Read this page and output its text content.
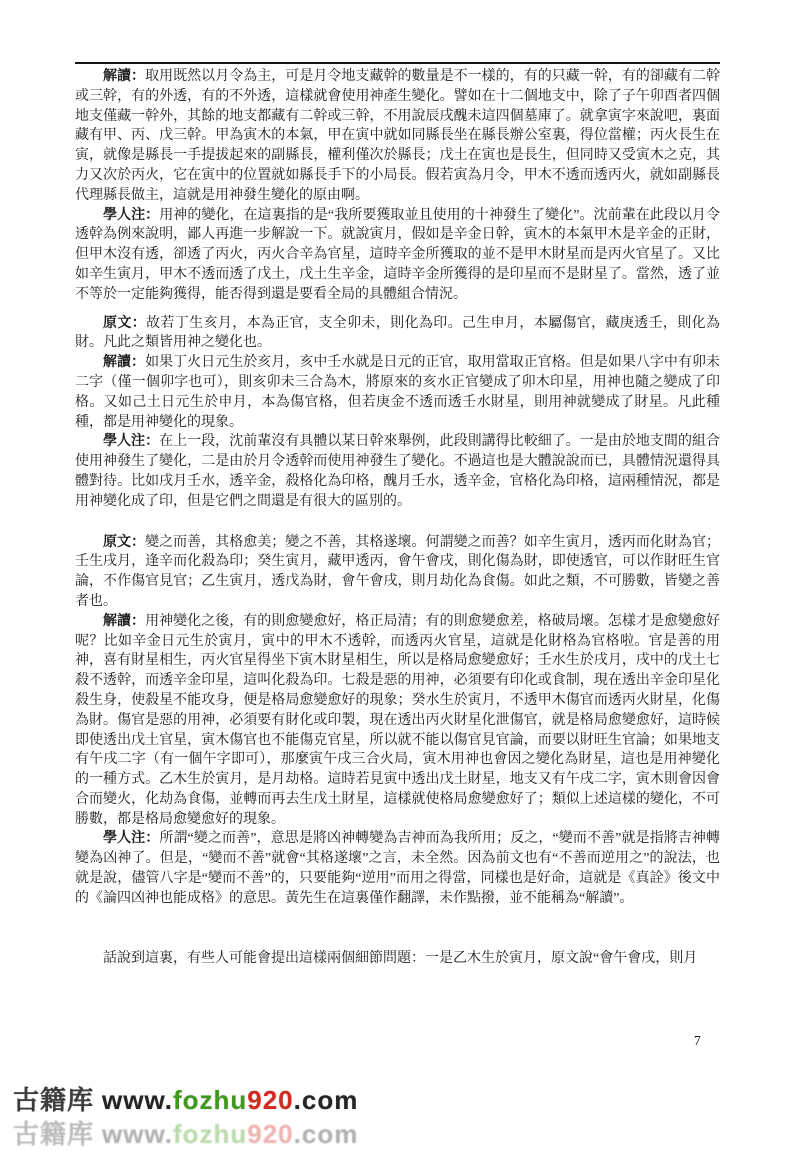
解讀：取用既然以月令為主，可是月令地支藏幹的數量是不一樣的，有的只藏一幹，有的卻藏有二幹或三幹，有的外透，有的不外透，這樣就會使用神產生變化。譬如在十二個地支中，除了子午卯酉者四個地支僅藏一幹外，其餘的地支都藏有二幹或三幹，不用說辰戌醜未這四個墓庫了。就拿寅字來說吧，裏面藏有甲、丙、戊三幹。甲為寅木的本氣，甲在寅中就如同縣長坐在縣長辦公室裏，得位當權；丙火長生在寅，就像是縣長一手提拔起來的副縣長，權利僅次於縣長；戊土在寅也是長生，但同時又受寅木之克，其力又次於丙火，它在寅中的位置就如縣長手下的小局長。假若寅為月令，甲木不透而透丙火，就如副縣長代理縣長做主，這就是用神發生變化的原由啊。

學人注：用神的變化，在這裏指的是“我所要獲取並且使用的十神發生了變化”。沈前輩在此段以月令透幹為例來說明，鄙人再進一步解說一下。就說寅月，假如是辛金日幹，寅木的本氣甲木是辛金的正財，但甲木沒有透，卻透了丙火，丙火合辛為官星，這時辛金所獲取的並不是甲木財星而是丙火官星了。又比如辛生寅月，甲木不透而透了戊土，戊土生辛金，這時辛金所獲得的是印星而不是財星了。當然，透了並不等於一定能夠獲得，能否得到還是要看全局的具體組合情況。

原文：故若丁生亥月，本為正官，支全卯未，則化為印。己生申月，本屬傷官，藏庚透壬，則化為財。凡此之類皆用神之變化也。

解讀：如果丁火日元生於亥月，亥中壬水就是日元的正官，取用當取正官格。但是如果八字中有卯未二字（僅一個卯字也可），則亥卯未三合為木，將原來的亥水正官變成了卯木印星，用神也隨之變成了印格。又如己土日元生於申月，本為傷官格，但若庚金不透而透壬水財星，則用神就變成了財星。凡此種種，都是用神變化的現象。

學人注：在上一段，沈前輩沒有具體以某日幹來舉例，此段則講得比較細了。一是由於地支間的組合使用神發生了變化，二是由於月令透幹而使用神發生了變化。不過這也是大體說說而已，具體情況還得具體對待。比如戌月壬水，透辛金，殺格化為印格，醜月壬水，透辛金，官格化為印格，這兩種情況，都是用神變化成了印，但是它們之間還是有很大的區別的。

原文：變之而善，其格愈美；變之不善，其格遂壞。何謂變之而善？如辛生寅月，透丙而化財為官；壬生戌月，逢辛而化殺為印；癸生寅月，藏甲透丙，會午會戌，則化傷為財，即使透官，可以作財旺生官論，不作傷官見官；乙生寅月，透戊為財，會午會戌，則月劫化為食傷。如此之類，不可勝數，皆變之善者也。

解讀：用神變化之後，有的則愈變愈好，格正局清；有的則愈變愈差，格破局壞。怎樣才是愈變愈好呢？比如辛金日元生於寅月，寅中的甲木不透幹，而透丙火官星，這就是化財格為官格啦。官是善的用神，喜有財星相生，丙火官星得坐下寅木財星相生，所以是格局愈變愈好；壬水生於戌月，戌中的戊土七殺不透幹，而透辛金印星，這叫化殺為印。七殺是惡的用神，必須要有印化或食制，現在透出辛金印星化殺生身，使殺星不能攻身，便是格局愈變愈好的現象；癸水生於寅月，不透甲木傷官而透丙火財星，化傷為財。傷官是惡的用神，必須要有財化或印製，現在透出丙火財星化泄傷官，就是格局愈變愈好，這時候即使透出戊土官星，寅木傷官也不能傷克官星，所以就不能以傷官見官論，而要以財旺生官論；如果地支有午戌二字（有一個午字即可），那麼寅午戌三合火局，寅木用神也會因之變化為財星，這也是用神變化的一種方式。乙木生於寅月，是月劫格。這時若見寅中透出戊土財星，地支又有午戌二字，寅木則會因會合而變火，化劫為食傷，並轉而再去生戊土財星，這樣就使格局愈變愈好了；類似上述這樣的變化，不可勝數，都是格局愈變愈好的現象。

學人注：所謂“變之而善”，意思是將凶神轉變為吉神而為我所用；反之，“變而不善”就是指將吉神轉變為凶神了。但是，“變而不善”就會“其格遂壞”之言，未全然。因為前文也有“不善而逆用之”的說法，也就是說，儘管八字是“變而不善”的，只要能夠“逆用”而用之得當，同樣也是好命，這就是《真詮》後文中的《論四凶神也能成格》的意思。黃先生在這裏僅作翻譯，未作點撥，並不能稱為“解讀”。

話說到這裏，有些人可能會提出這樣兩個細節問題：一是乙木生於寅月，原文說“會午會戌，則月

7
古籍库 www.fozhu920.com
古籍库 www.fozhu920.com
